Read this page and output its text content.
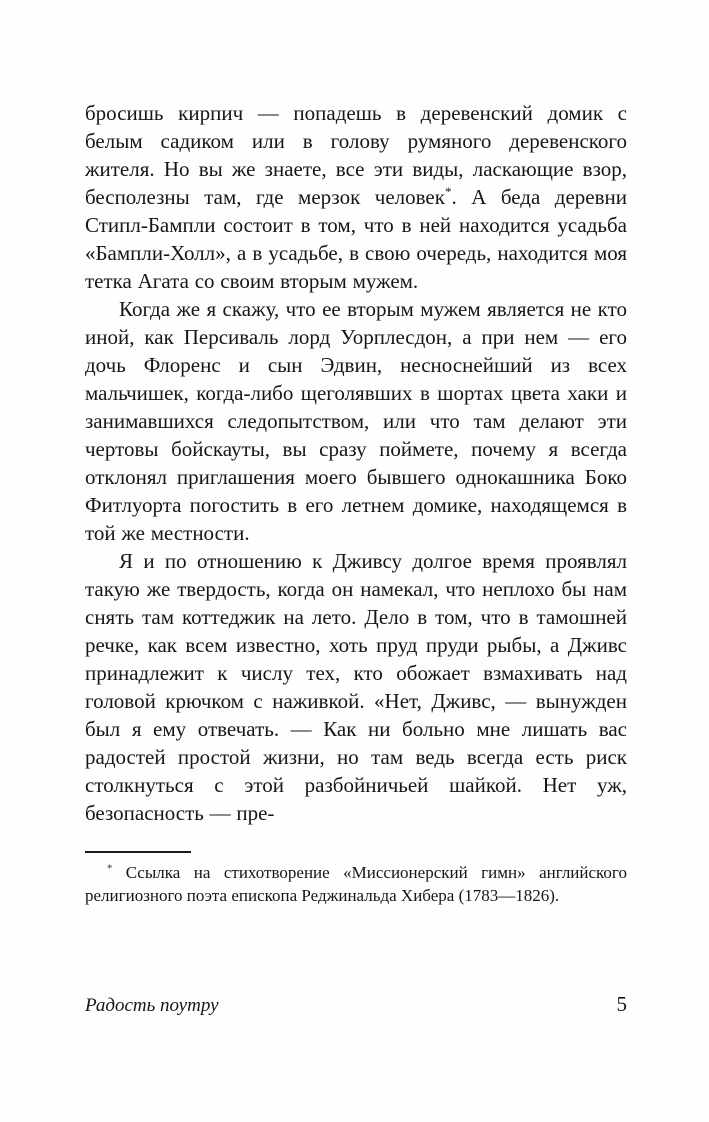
бросишь кирпич — попадешь в деревенский домик с белым садиком или в голову румяного деревенского жителя. Но вы же знаете, все эти виды, ласкающие взор, бесполезны там, где мерзок человек*. А беда деревни Стипл-Бампли состоит в том, что в ней находится усадьба «Бампли-Холл», а в усадьбе, в свою очередь, находится моя тетка Агата со своим вторым мужем.

Когда же я скажу, что ее вторым мужем является не кто иной, как Персиваль лорд Уорплесдон, а при нем — его дочь Флоренс и сын Эдвин, несноснейший из всех мальчишек, когда-либо щеголявших в шортах цвета хаки и занимавшихся следопытством, или что там делают эти чертовы бойскауты, вы сразу поймете, почему я всегда отклонял приглашения моего бывшего однокашника Боко Фитлуорта погостить в его летнем домике, находящемся в той же местности.

Я и по отношению к Дживсу долгое время проявлял такую же твердость, когда он намекал, что неплохо бы нам снять там коттеджик на лето. Дело в том, что в тамошней речке, как всем известно, хоть пруд пруди рыбы, а Дживс принадлежит к числу тех, кто обожает взмахивать над головой крючком с наживкой. «Нет, Дживс, — вынужден был я ему отвечать. — Как ни больно мне лишать вас радостей простой жизни, но там ведь всегда есть риск столкнуться с этой разбойничьей шайкой. Нет уж, безопасность — пре-

* Ссылка на стихотворение «Миссионерский гимн» английского религиозного поэта епископа Реджинальда Хибера (1783—1826).

Радость поутру	5
